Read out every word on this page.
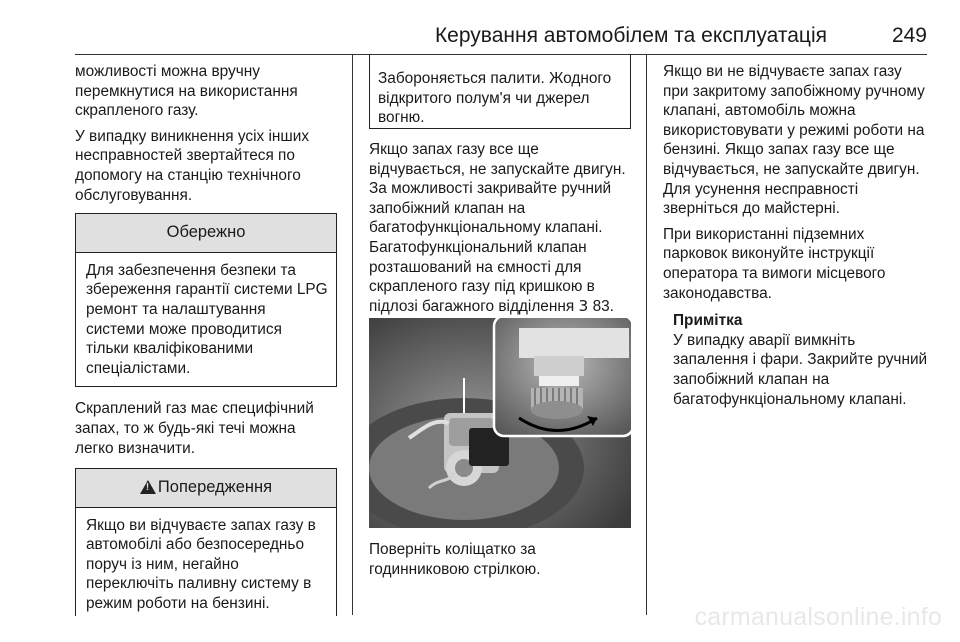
Керування автомобілем та експлуатація	249

можливості можна вручну перемкнутися на використання скрапленого газу.

У випадку виникнення усіх інших несправностей звертайтеся по допомогу на станцію технічного обслуговування.

Обережно
Для забезпечення безпеки та збереження гарантії системи LPG ремонт та налаштування системи може проводитися тільки кваліфікованими спеціалістами.

Скраплений газ має специфічний запах, то ж будь-які течі можна легко визначити.

!Попередження
Якщо ви відчуваєте запах газу в автомобілі або безпосередньо поруч із ним, негайно переключіть паливну систему в режим роботи на бензині.
Забороняється палити. Жодного відкритого полум'я чи джерел вогню.

Якщо запах газу все ще відчувається, не запускайте двигун. За можливості закривайте ручний запобіжний клапан на багатофункціональному клапані. Багатофункціональний клапан розташований на ємності для скрапленого газу під кришкою в підлозі багажного відділення 3 83.

Поверніть коліщатко за годинниковою стрілкою.

Якщо ви не відчуваєте запах газу при закритому запобіжному ручному клапані, автомобіль можна використовувати у режимі роботи на бензині. Якщо запах газу все ще відчувається, не запускайте двигун. Для усунення несправності зверніться до майстерні.

При використанні підземних парковок виконуйте інструкції оператора та вимоги місцевого законодавства.

Примітка
У випадку аварії вимкніть запалення і фари. Закрийте ручний запобіжний клапан на багатофункціональному клапані.
carmanualsonline.info
